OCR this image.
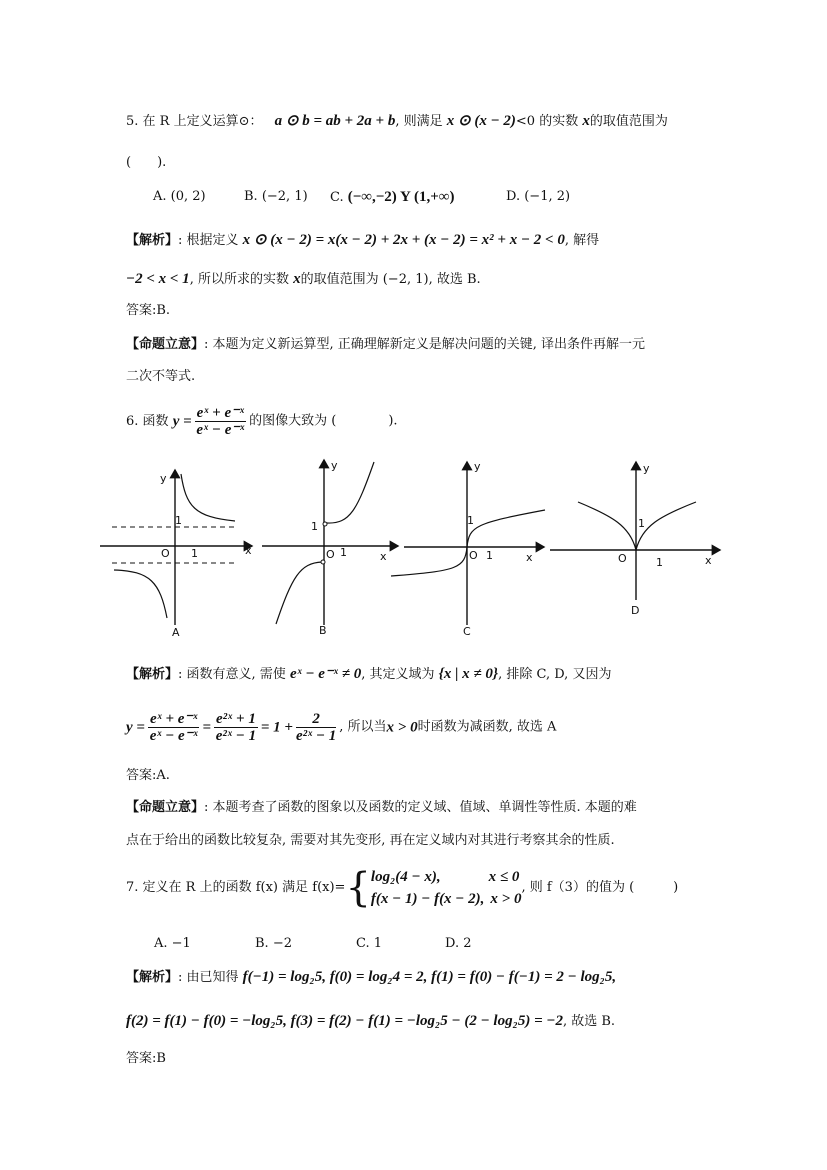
5. 在 R 上定义运算⊙： a ⊙ b = ab + 2a + b, 则满足 x ⊙ (x − 2)<0 的实数 x的取值范围为
(　　).
A. (0, 2)	B. (−2, 1) C. (−∞,−2) Y (1,+∞)	D. (−1, 2)
【解析】: 根据定义 x ⊙ (x − 2) = x(x − 2) + 2x + (x − 2) = x² + x − 2 < 0, 解得
−2 < x < 1, 所以所求的实数 x的取值范围为 (−2, 1), 故选 B.
答案:B.
【命题立意】: 本题为定义新运算型, 正确理解新定义是解决问题的关键, 译出条件再解一元
二次不等式.
6. 函数 $y = \frac{\text{eˣ + e⁻ˣ}}{\text{eˣ − e⁻ˣ}}$ 的图像大致为 (　　　　).
y
x
O
1
1
A
y
x
O
1
1
B
y
x
O
1
1
C
y
x
O
1
1
D
【解析】: 函数有意义, 需使 eˣ − e⁻ˣ ≠ 0, 其定义域为 {x | x ≠ 0}, 排除 C, D, 又因为
$y = \frac{\text{eˣ + e⁻ˣ}}{\text{eˣ − e⁻ˣ}} = \frac{\text{e²ˣ + 1}}{\text{e²ˣ − 1}} = 1 + \frac{2}{\text{e²ˣ − 1}}$ , 所以当x > 0时函数为减函数, 故选 A
答案:A.
【命题立意】: 本题考查了函数的图象以及函数的定义域、值域、单调性等性质. 本题的难
点在于给出的函数比较复杂, 需要对其先变形, 再在定义域内对其进行考察其余的性质.
7. 定义在 R 上的函数 f(x) 满足 f(x)={ log₂(4 − x),	x ≤ 0
f(x − 1) − f(x − 2), x > 0
, 则 f（3）的值为 (　　　)
A. −1	B. −2	C. 1	D. 2
【解析】: 由已知得 f(−1) = log₂5, f(0) = log₂4 = 2, f(1) = f(0) − f(−1) = 2 − log₂5,
f(2) = f(1) − f(0) = −log₂5, f(3) = f(2) − f(1) = −log₂5 − (2 − log₂5) = −2, 故选 B.
答案:B
